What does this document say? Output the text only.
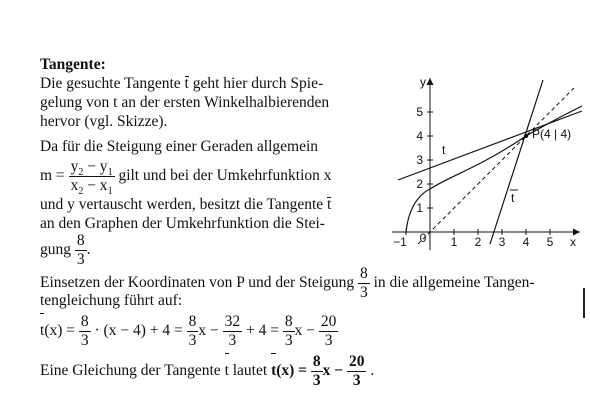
Tangente:
Die gesuchte Tangente t geht hier durch Spie-
gelung von t an der ersten Winkelhalbierenden
hervor (vgl. Skizze).
Da für die Steigung einer Geraden allgemein
$m = \frac{y_2 - y_1}{x_2 - x_1}$ gilt und bei der Umkehrfunktion x
und y vertauscht werden, besitzt die Tangente t
an den Graphen der Umkehrfunktion die Stei-
gung $\frac{8}{3}$ .
Einsetzen der Koordinaten von P und der Steigung $\frac{8}{3}$ in die allgemeine Tangen-
tengleichung führt auf:
$t(x) = \frac{8}{3} \cdot (x - 4) + 4 = \frac{8}{3}$ $x - \frac{32}{3} + 4 = \frac{8}{3}$ $x - \frac{20}{3}$
Eine Gleichung der Tangente t lautet $t(x) = \frac{8}{3}$ $x - \frac{20}{3}$ .
−1 0 1 2 3 4 5
1
2
3
4
5
y
x
P(4 | 4)
t
t
